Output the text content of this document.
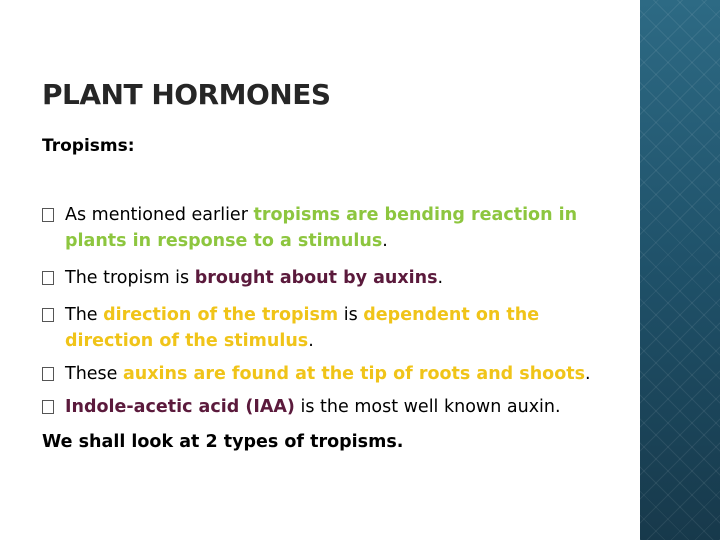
PLANT HORMONES
Tropisms:
As mentioned earlier tropisms are bending reaction in plants in response to a stimulus.
The tropism is brought about by auxins.
The direction of the tropism is dependent on the direction of the stimulus.
These auxins are found at the tip of roots and shoots.
Indole-acetic acid (IAA) is the most well known auxin.
We shall look at 2 types of tropisms.
